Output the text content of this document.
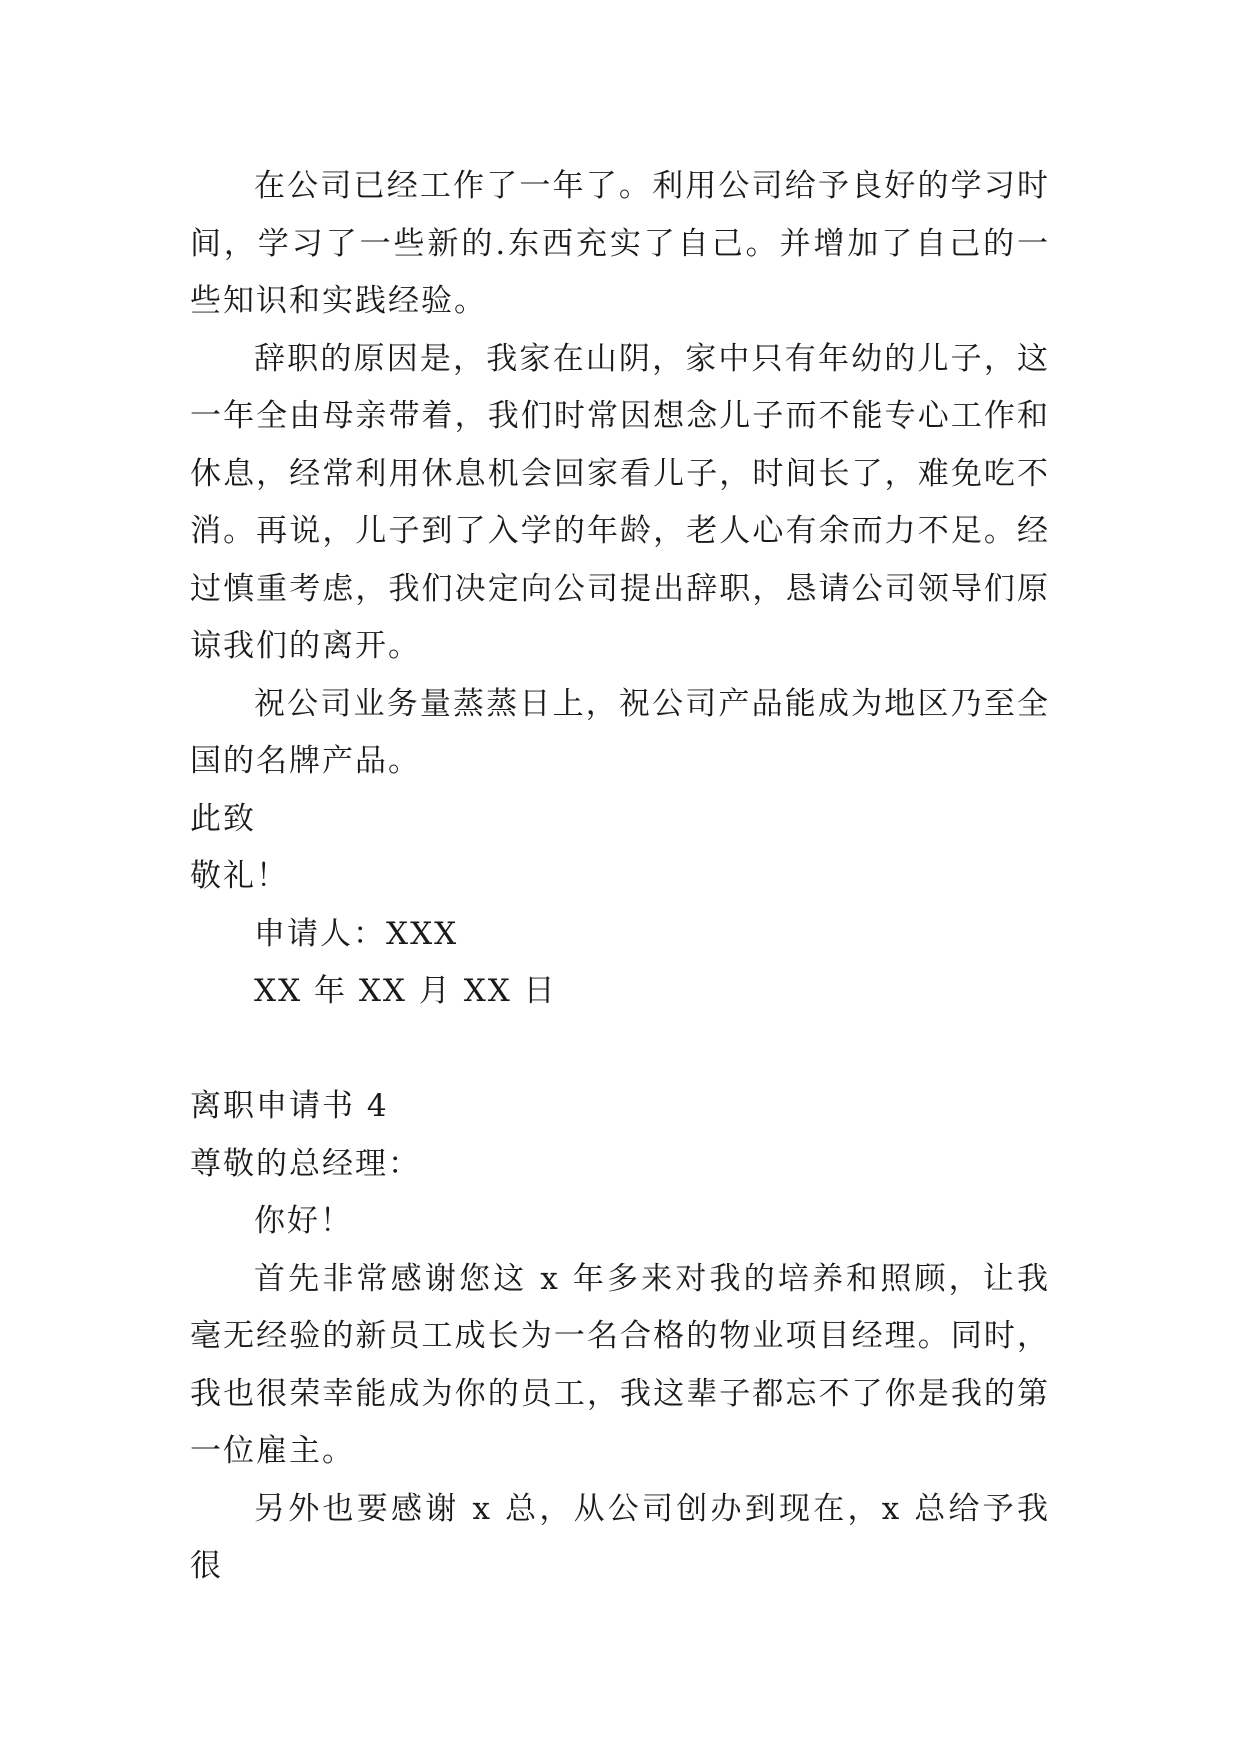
在公司已经工作了一年了。利用公司给予良好的学习时间，学习了一些新的.东西充实了自己。并增加了自己的一些知识和实践经验。

辞职的原因是，我家在山阴，家中只有年幼的儿子，这一年全由母亲带着，我们时常因想念儿子而不能专心工作和休息，经常利用休息机会回家看儿子，时间长了，难免吃不消。再说，儿子到了入学的年龄，老人心有余而力不足。经过慎重考虑，我们决定向公司提出辞职，恳请公司领导们原谅我们的离开。

祝公司业务量蒸蒸日上，祝公司产品能成为地区乃至全国的名牌产品。

此致

敬礼！

申请人：XXX

XX 年 XX 月 XX 日

离职申请书 4

尊敬的总经理：

你好！

首先非常感谢您这 x 年多来对我的培养和照顾，让我毫无经验的新员工成长为一名合格的物业项目经理。同时，我也很荣幸能成为你的员工，我这辈子都忘不了你是我的第一位雇主。

另外也要感谢 x 总，从公司创办到现在，x 总给予我很
